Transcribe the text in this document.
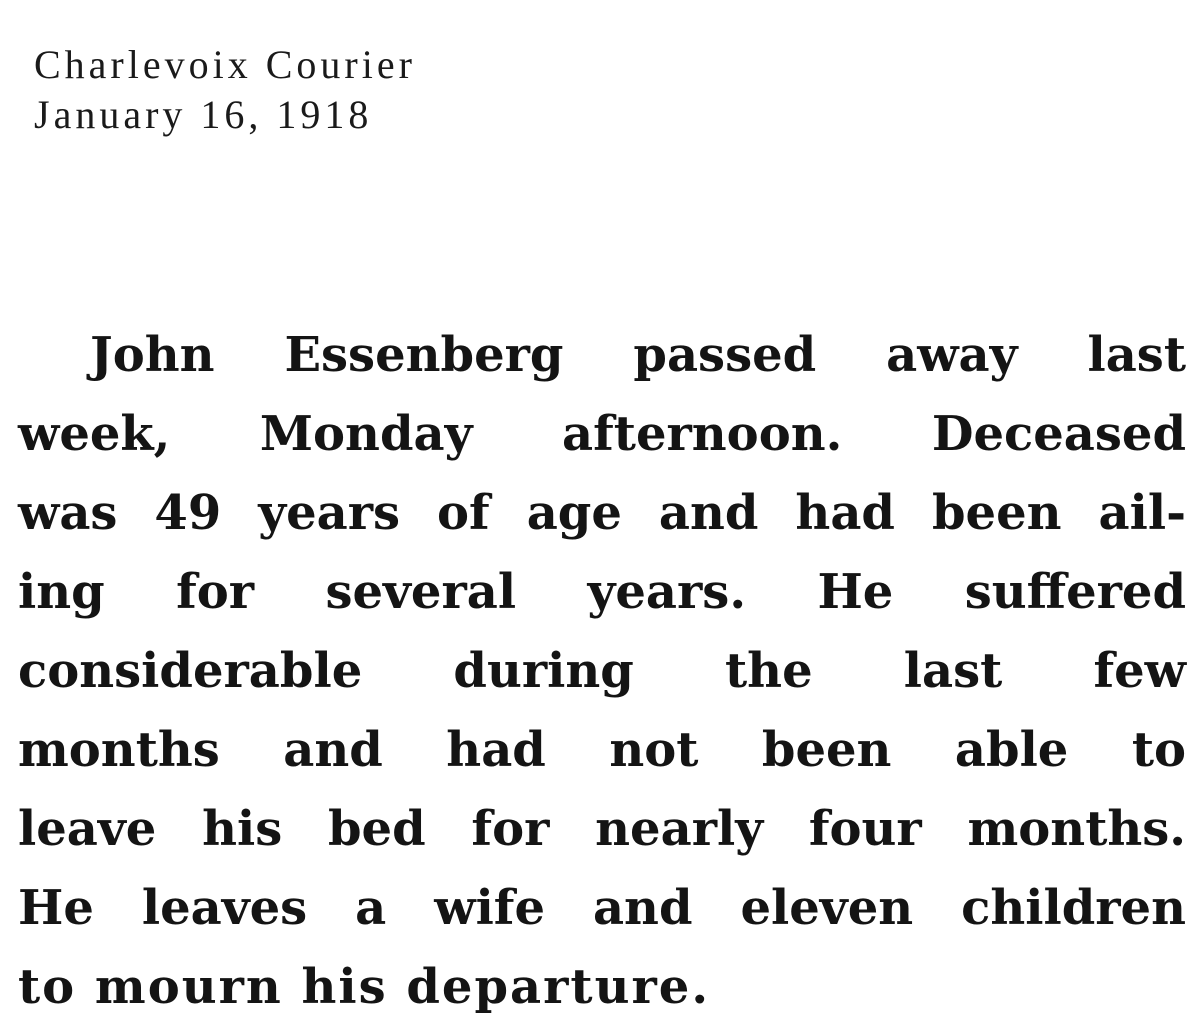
Charlevoix Courier
January 16, 1918
John Essenberg passed away last
week, Monday afternoon. Deceased
was 49 years of age and had been ail-
ing for several years. He suffered
considerable during the last few
months and had not been able to
leave his bed for nearly four months.
He leaves a wife and eleven children
to mourn his departure.
